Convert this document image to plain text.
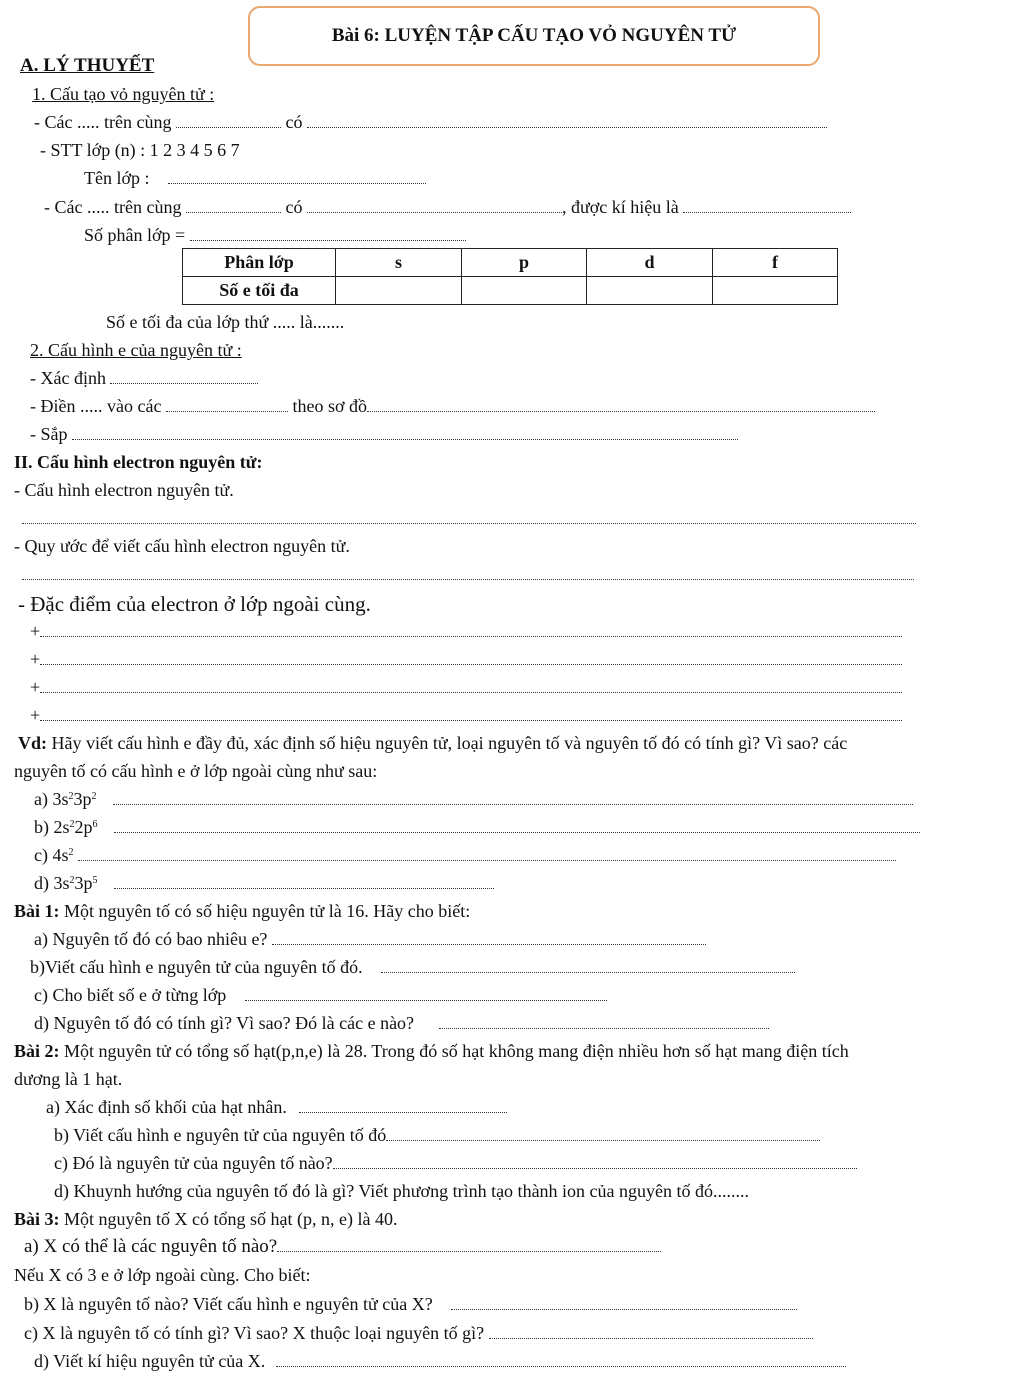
Bài 6: LUYỆN TẬP CẤU TẠO VỎ NGUYÊN TỬ
A. LÝ THUYẾT
1. Cấu tạo vỏ nguyên tử :
- Các ..... trên cùng	có
- STT lớp (n) : 1 2 3 4 5 6 7
Tên lớp :
- Các ..... trên cùng	có	, được kí hiệu là
Số phân lớp =
Phân lớp	s	p	d	f
Số e tối đa				
Số e tối đa của lớp thứ ..... là.......
2. Cấu hình e của nguyên tử :
- Xác định
- Điền ..... vào các	theo sơ đồ
- Sắp
II. Cấu hình electron nguyên tử:
- Cấu hình electron nguyên tử.
- Quy ước để viết cấu hình electron nguyên tử.
- Đặc điểm của electron ở lớp ngoài cùng.
+
+
+
+
Vd: Hãy viết cấu hình e đầy đủ, xác định số hiệu nguyên tử, loại nguyên tố và nguyên tố đó có tính gì? Vì sao? các
nguyên tố có cấu hình e ở lớp ngoài cùng như sau:
a) $3s^23p^2$
b) $2s^22p^6$
c) $4s^2$
d) $3s^23p^5$
Bài 1: Một nguyên tố có số hiệu nguyên tử là 16. Hãy cho biết:
a) Nguyên tố đó có bao nhiêu e?
b)Viết cấu hình e nguyên tử của nguyên tố đó.
c) Cho biết số e ở từng lớp
d) Nguyên tố đó có tính gì? Vì sao? Đó là các e nào?
Bài 2: Một nguyên tử có tổng số hạt(p,n,e) là 28. Trong đó số hạt không mang điện nhiều hơn số hạt mang điện tích
dương là 1 hạt.
a) Xác định số khối của hạt nhân.
b) Viết cấu hình e nguyên tử của nguyên tố đó
c) Đó là nguyên tử của nguyên tố nào?
d) Khuynh hướng của nguyên tố đó là gì? Viết phương trình tạo thành ion của nguyên tố đó........
Bài 3: Một nguyên tố X có tổng số hạt (p, n, e) là 40.
a) X có thể là các nguyên tố nào?
Nếu X có 3 e ở lớp ngoài cùng. Cho biết:
b) X là nguyên tố nào? Viết cấu hình e nguyên tử của X?
c) X là nguyên tố có tính gì? Vì sao? X thuộc loại nguyên tố gì?
d) Viết kí hiệu nguyên tử của X.
